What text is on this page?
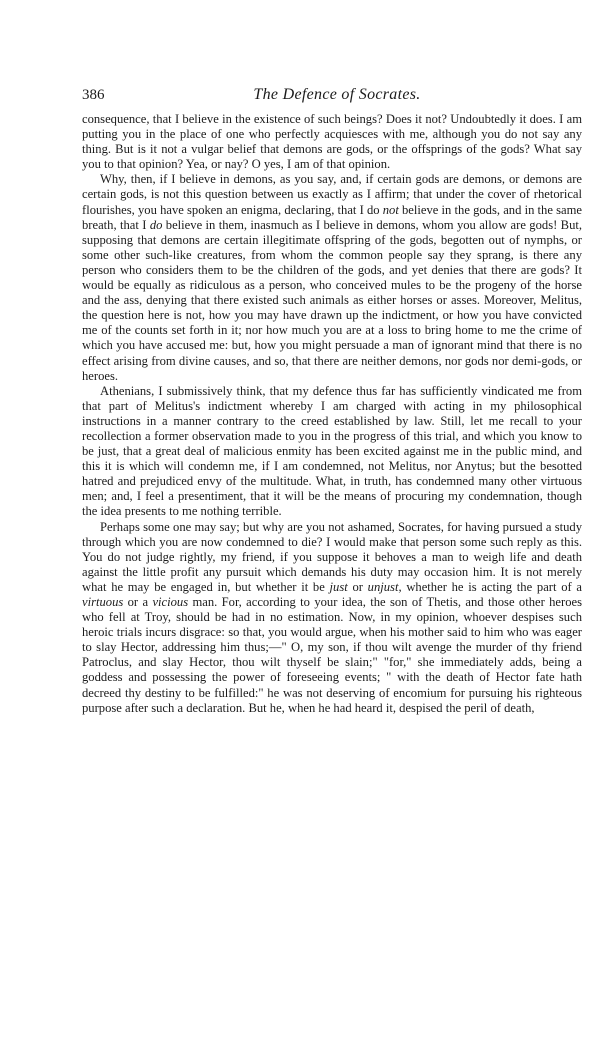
386	The Defence of Socrates.

consequence, that I believe in the existence of such beings? Does it not? Undoubtedly it does. I am putting you in the place of one who perfectly acquiesces with me, although you do not say any thing. But is it not a vulgar belief that demons are gods, or the offsprings of the gods? What say you to that opinion? Yea, or nay? O yes, I am of that opinion.

Why, then, if I believe in demons, as you say, and, if certain gods are demons, or demons are certain gods, is not this question between us exactly as I affirm; that under the cover of rhetorical flourishes, you have spoken an enigma, declaring, that I do not believe in the gods, and in the same breath, that I do believe in them, inasmuch as I believe in demons, whom you allow are gods! But, supposing that demons are certain illegitimate offspring of the gods, begotten out of nymphs, or some other such-like creatures, from whom the common people say they sprang, is there any person who considers them to be the children of the gods, and yet denies that there are gods? It would be equally as ridiculous as a person, who conceived mules to be the progeny of the horse and the ass, denying that there existed such animals as either horses or asses. Moreover, Melitus, the question here is not, how you may have drawn up the indictment, or how you have convicted me of the counts set forth in it; nor how much you are at a loss to bring home to me the crime of which you have accused me: but, how you might persuade a man of ignorant mind that there is no effect arising from divine causes, and so, that there are neither demons, nor gods nor demi-gods, or heroes.

Athenians, I submissively think, that my defence thus far has sufficiently vindicated me from that part of Melitus's indictment whereby I am charged with acting in my philosophical instructions in a manner contrary to the creed established by law. Still, let me recall to your recollection a former observation made to you in the progress of this trial, and which you know to be just, that a great deal of malicious enmity has been excited against me in the public mind, and this it is which will condemn me, if I am condemned, not Melitus, nor Anytus; but the besotted hatred and prejudiced envy of the multitude. What, in truth, has condemned many other virtuous men; and, I feel a presentiment, that it will be the means of procuring my condemnation, though the idea presents to me nothing terrible.

Perhaps some one may say; but why are you not ashamed, Socrates, for having pursued a study through which you are now condemned to die? I would make that person some such reply as this. You do not judge rightly, my friend, if you suppose it behoves a man to weigh life and death against the little profit any pursuit which demands his duty may occasion him. It is not merely what he may be engaged in, but whether it be just or unjust, whether he is acting the part of a virtuous or a vicious man. For, according to your idea, the son of Thetis, and those other heroes who fell at Troy, should be had in no estimation. Now, in my opinion, whoever despises such heroic trials incurs disgrace: so that, you would argue, when his mother said to him who was eager to slay Hector, addressing him thus;—" O, my son, if thou wilt avenge the murder of thy friend Patroclus, and slay Hector, thou wilt thyself be slain;" "for," she immediately adds, being a goddess and possessing the power of foreseeing events; " with the death of Hector fate hath decreed thy destiny to be fulfilled:" he was not deserving of encomium for pursuing his righteous purpose after such a declaration. But he, when he had heard it, despised the peril of death,
